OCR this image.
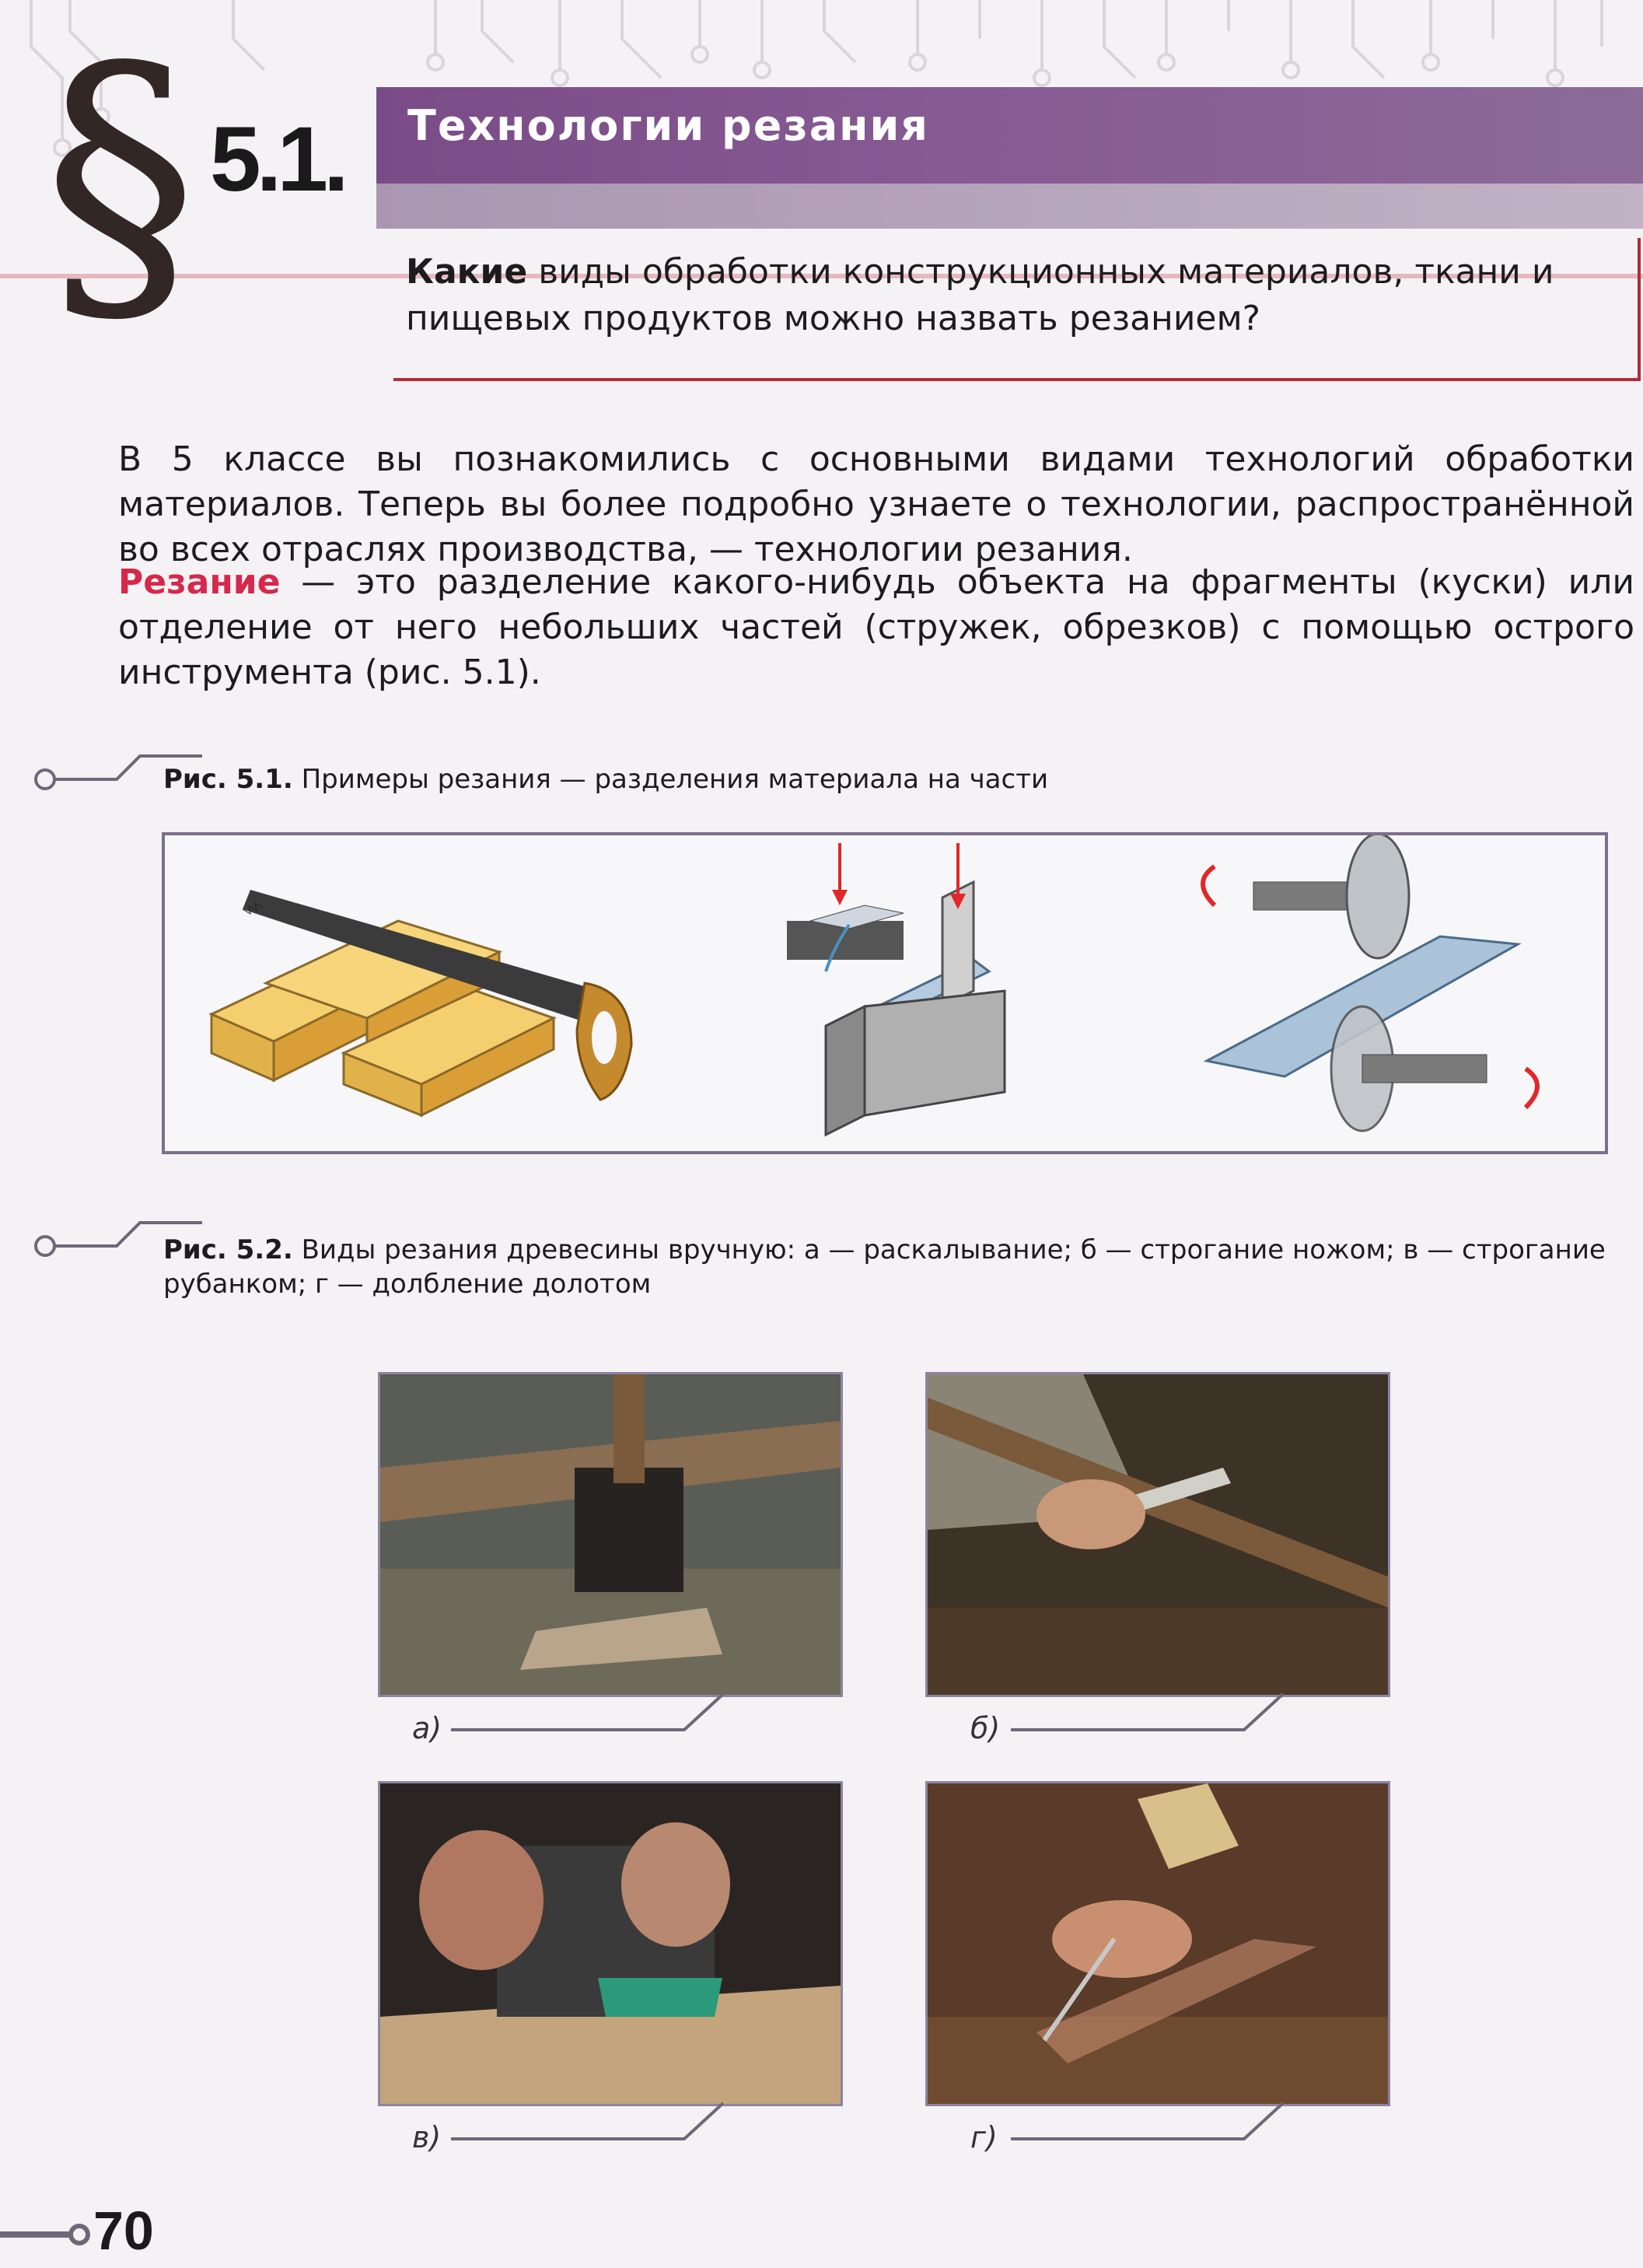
§ 5.1. Технологии резания
Какие виды обработки конструкционных материалов, ткани и пищевых продуктов можно назвать резанием?
В 5 классе вы познакомились с основными видами технологий обработки материалов. Теперь вы более подробно узнаете о технологии, распространённой во всех отраслях производства, — технологии резания.
Резание — это разделение какого-нибудь объекта на фрагменты (куски) или отделение от него небольших частей (стружек, обрезков) с помощью острого инструмента (рис. 5.1).
Рис. 5.1. Примеры резания — разделения материала на части
Рис. 5.2. Виды резания древесины вручную: а — раскалывание; б — строгание ножом; в — строгание рубанком; г — долбление долотом
а)	б)
в)	г)
70
